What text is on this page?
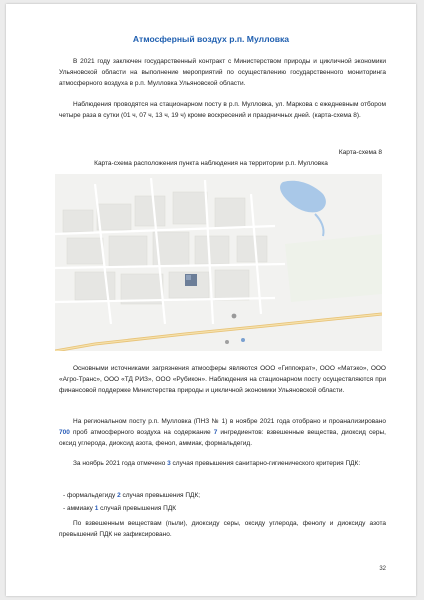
Атмосферный воздух р.п. Мулловка

В 2021 году заключен государственный контракт с Министерством природы и цикличной экономики Ульяновской области на выполнение мероприятий по осуществлению государственного мониторинга атмосферного воздуха в р.п. Мулловка Ульяновской области.

Наблюдения проводятся на стационарном посту в р.п. Мулловка, ул. Маркова с ежедневным отбором четыре раза в сутки (01 ч, 07 ч, 13 ч, 19 ч) кроме воскресений и праздничных дней. (карта-схема 8).

Карта-схема 8
Карта-схема расположения пункта наблюдения на территории р.п. Мулловка

Основными источниками загрязнения атмосферы являются ООО «Гиппократ», ООО «Матэко», ООО «Агро-Транс», ООО «ТД РИЗ», ООО «Рубикон». Наблюдения на стационарном посту осуществляются при финансовой поддержке Министерства природы и цикличной экономики Ульяновской области.

На региональном посту р.п. Мулловка (ПНЗ № 1) в ноябре 2021 года отобрано и проанализировано 700 проб атмосферного воздуха на содержание 7 ингредиентов: взвешенные вещества, диоксид серы, оксид углерода, диоксид азота, фенол, аммиак, формальдегид.

За ноябрь 2021 года отмечено 3 случая превышения санитарно-гигиенического критерия ПДК:

- формальдегиду 2 случая превышения ПДК;
- аммиаку 1 случай превышения ПДК

По взвешенным веществам (пыли), диоксиду серы, оксиду углерода, фенолу и диоксиду азота превышений ПДК не зафиксировано.

32
